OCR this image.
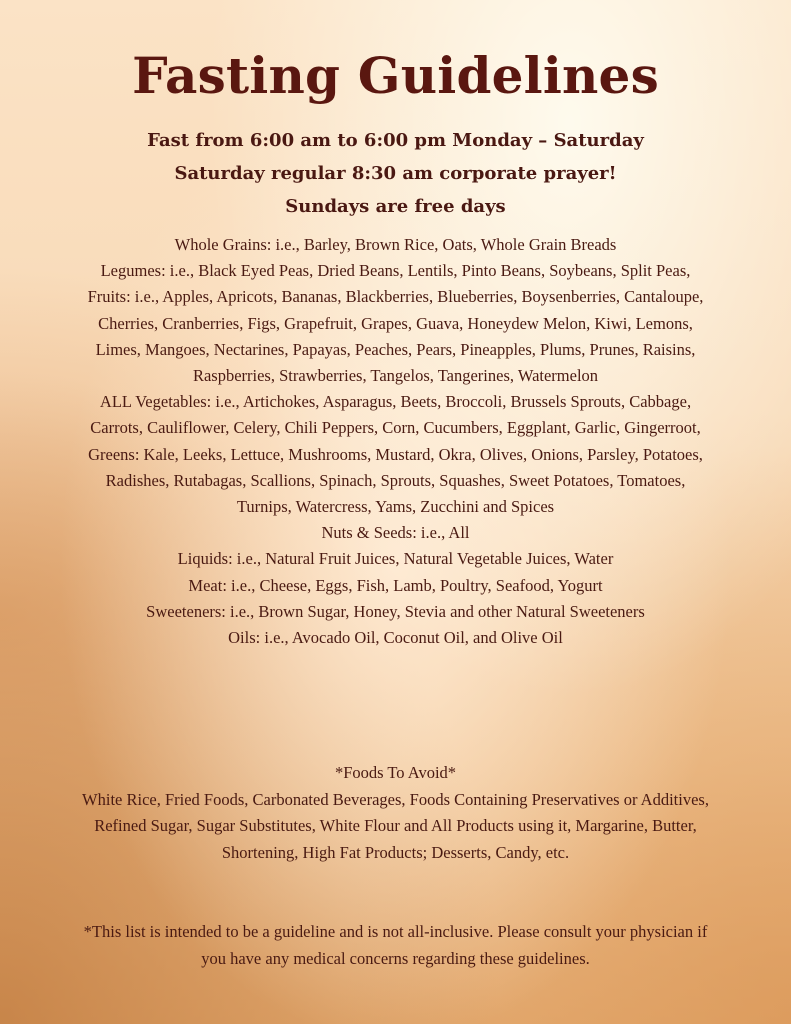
Fasting Guidelines
Fast from 6:00 am to 6:00 pm Monday – Saturday
Saturday regular 8:30 am corporate prayer!
Sundays are free days
Whole Grains: i.e., Barley, Brown Rice, Oats, Whole Grain Breads
Legumes: i.e., Black Eyed Peas, Dried Beans, Lentils, Pinto Beans, Soybeans, Split Peas,
Fruits: i.e., Apples, Apricots, Bananas, Blackberries, Blueberries, Boysenberries, Cantaloupe, Cherries, Cranberries, Figs, Grapefruit, Grapes, Guava, Honeydew Melon, Kiwi, Lemons, Limes, Mangoes, Nectarines, Papayas, Peaches, Pears, Pineapples, Plums, Prunes, Raisins, Raspberries, Strawberries, Tangelos, Tangerines, Watermelon
ALL Vegetables: i.e., Artichokes, Asparagus, Beets, Broccoli, Brussels Sprouts, Cabbage, Carrots, Cauliflower, Celery, Chili Peppers, Corn, Cucumbers, Eggplant, Garlic, Gingerroot, Greens: Kale, Leeks, Lettuce, Mushrooms, Mustard, Okra, Olives, Onions, Parsley, Potatoes, Radishes, Rutabagas, Scallions, Spinach, Sprouts, Squashes, Sweet Potatoes, Tomatoes, Turnips, Watercress, Yams, Zucchini and Spices
Nuts & Seeds: i.e., All
Liquids: i.e., Natural Fruit Juices, Natural Vegetable Juices, Water
Meat: i.e., Cheese, Eggs, Fish, Lamb, Poultry, Seafood, Yogurt
Sweeteners: i.e., Brown Sugar, Honey, Stevia and other Natural Sweeteners
Oils: i.e., Avocado Oil, Coconut Oil, and Olive Oil
*Foods To Avoid*
White Rice, Fried Foods, Carbonated Beverages, Foods Containing Preservatives or Additives, Refined Sugar, Sugar Substitutes, White Flour and All Products using it, Margarine, Butter, Shortening, High Fat Products; Desserts, Candy, etc.
*This list is intended to be a guideline and is not all-inclusive. Please consult your physician if you have any medical concerns regarding these guidelines.
